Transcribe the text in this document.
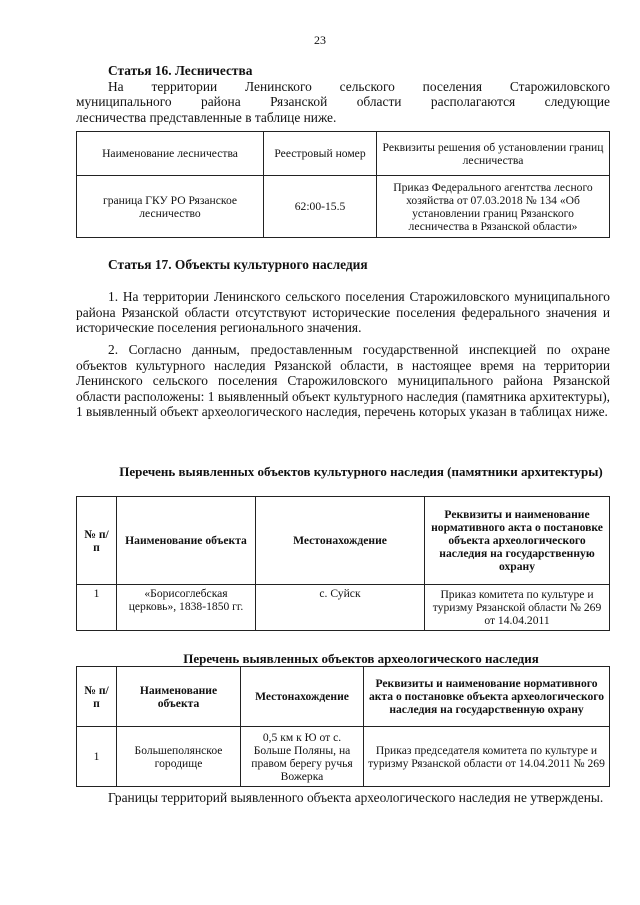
23
Статья 16. Лесничества
На территории Ленинского сельского поселения Старожиловского
муниципального района Рязанской области располагаются следующие
лесничества представленные в таблице ниже.
Наименование лесничества	Реестровый номер	Реквизиты решения об установлении границ лесничества
граница ГКУ РО Рязанское лесничество	62:00-15.5	Приказ Федерального агентства лесного хозяйства от 07.03.2018 № 134 «Об установлении границ Рязанского лесничества в Рязанской области»
Статья 17. Объекты культурного наследия
1. На территории Ленинского сельского поселения Старожиловского муниципального района Рязанской области отсутствуют исторические поселения федерального значения и исторические поселения регионального значения.
2. Согласно данным, предоставленным государственной инспекцией по охране объектов культурного наследия Рязанской области, в настоящее время на территории Ленинского сельского поселения Старожиловского муниципального района Рязанской области расположены: 1 выявленный объект культурного наследия (памятника архитектуры), 1 выявленный объект археологического наследия, перечень которых указан в таблицах ниже.
Перечень выявленных объектов культурного наследия (памятники архитектуры)
№ п/п	Наименование объекта	Местонахождение	Реквизиты и наименование нормативного акта о постановке объекта археологического наследия на государственную охрану
1	«Борисоглебская церковь», 1838-1850 гг.	с. Суйск	Приказ комитета по культуре и туризму Рязанской области № 269 от 14.04.2011
Перечень выявленных объектов археологического наследия
№ п/п	Наименование объекта	Местонахождение	Реквизиты и наименование нормативного акта о постановке объекта археологического наследия на государственную охрану
1	Большеполянское городище	0,5 км к Ю от с. Больше Поляны, на правом берегу ручья Вожерка	Приказ председателя комитета по культуре и туризму Рязанской области от 14.04.2011 № 269
Границы территорий выявленного объекта археологического наследия не утверждены.
